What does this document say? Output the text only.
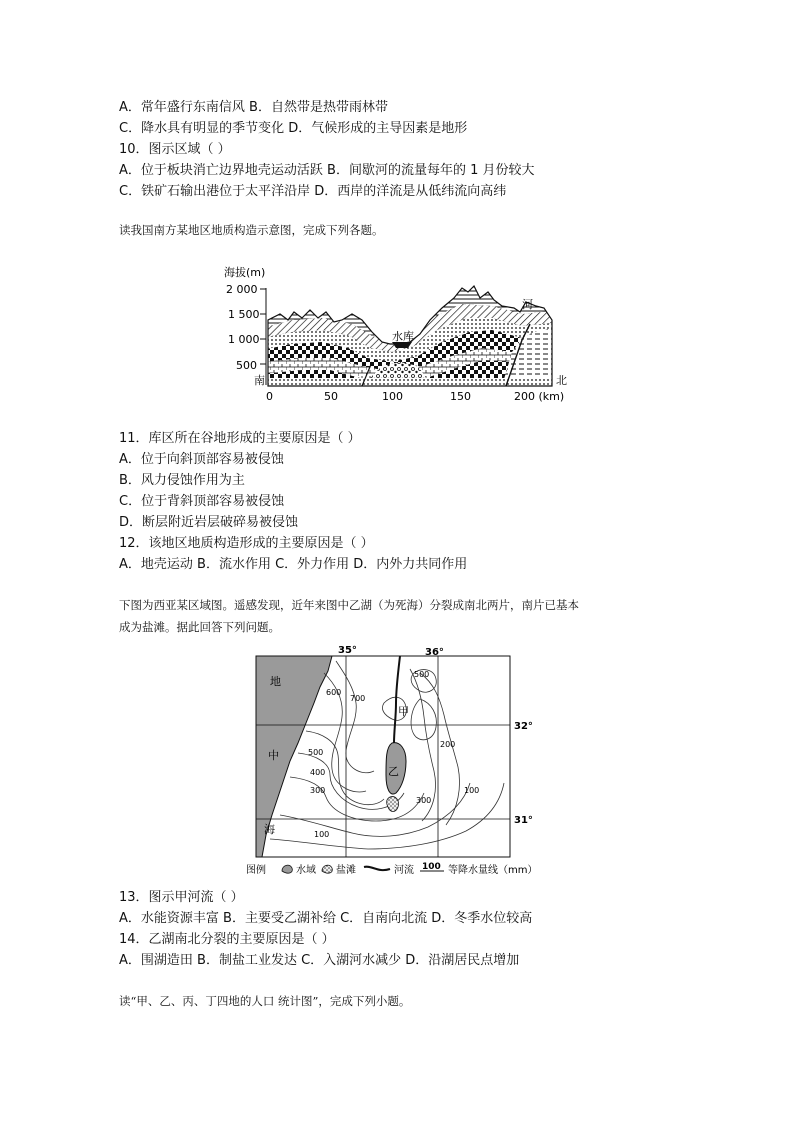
A．常年盛行东南信风 B．自然带是热带雨林带
C．降水具有明显的季节变化 D．气候形成的主导因素是地形
10．图示区域（ ）
A．位于板块消亡边界地壳运动活跃 B．间歇河的流量每年的 1 月份较大
C．铁矿石输出港位于太平洋沿岸 D．西岸的洋流是从低纬流向高纬
读我国南方某地区地质构造示意图，完成下列各题。
海拔(m)
2 000
1 500
1 000
500
水库
河
南	北
0	50	100	150	200 (km)
11．库区所在谷地形成的主要原因是（ ）
A．位于向斜顶部容易被侵蚀
B．风力侵蚀作用为主
C．位于背斜顶部容易被侵蚀
D．断层附近岩层破碎易被侵蚀
12．该地区地质构造形成的主要原因是（ ）
A．地壳运动 B．流水作用 C．外力作用 D．内外力共同作用
下图为西亚某区域图。遥感发现，近年来图中乙湖（为死海）分裂成南北两片，南片已基本
成为盐滩。据此回答下列问题。
35°	36°
32°
31°
地
中
海
甲
乙
600
700
500
500
400
300
300
200
100
100
图例	水域 盐滩	河流 100 等降水量线（mm）
13．图示甲河流（ ）
A．水能资源丰富 B．主要受乙湖补给 C．自南向北流 D．冬季水位较高
14．乙湖南北分裂的主要原因是（ ）
A．围湖造田 B．制盐工业发达 C．入湖河水减少 D．沿湖居民点增加
读“甲、乙、丙、丁四地的人口 统计图”，完成下列小题。
